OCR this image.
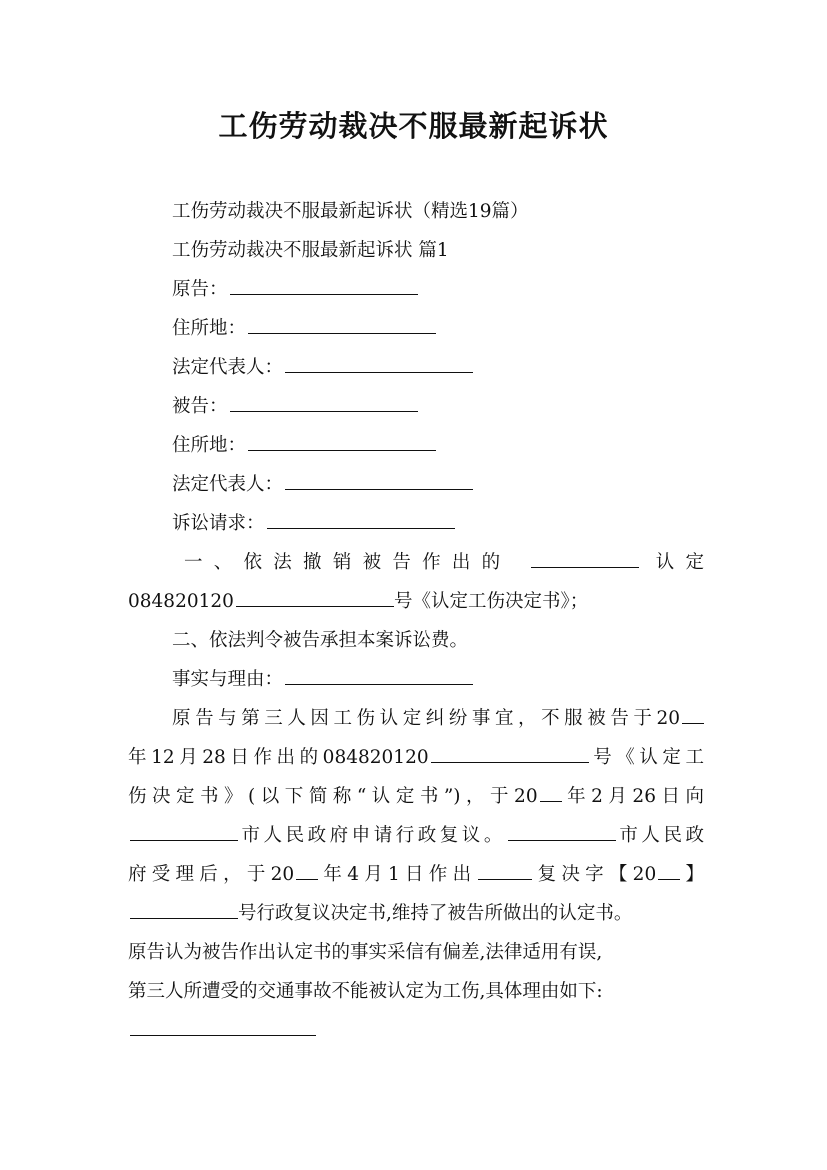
工伤劳动裁决不服最新起诉状
工伤劳动裁决不服最新起诉状（精选19篇）
工伤劳动裁决不服最新起诉状 篇1
原告：
住所地：
法定代表人：
被告：
住所地：
法定代表人：
诉讼请求：
一、依法撤销被告作出的	认定
084820120	号《认定工伤决定书》；
二、依法判令被告承担本案诉讼费。
事实与理由：
原告与第三人因工伤认定纠纷事宜，不服被告于20
年12月28日作出的084820120	号《认定工
伤决定书》(以下简称“认定书”)，于20 年2月26日向
市人民政府申请行政复议。	市人民政
府受理后，于20 年4月1日作出	复决字【20 】
号行政复议决定书,维持了被告所做出的认定书。
原告认为被告作出认定书的事实采信有偏差,法律适用有误,
第三人所遭受的交通事故不能被认定为工伤,具体理由如下:
